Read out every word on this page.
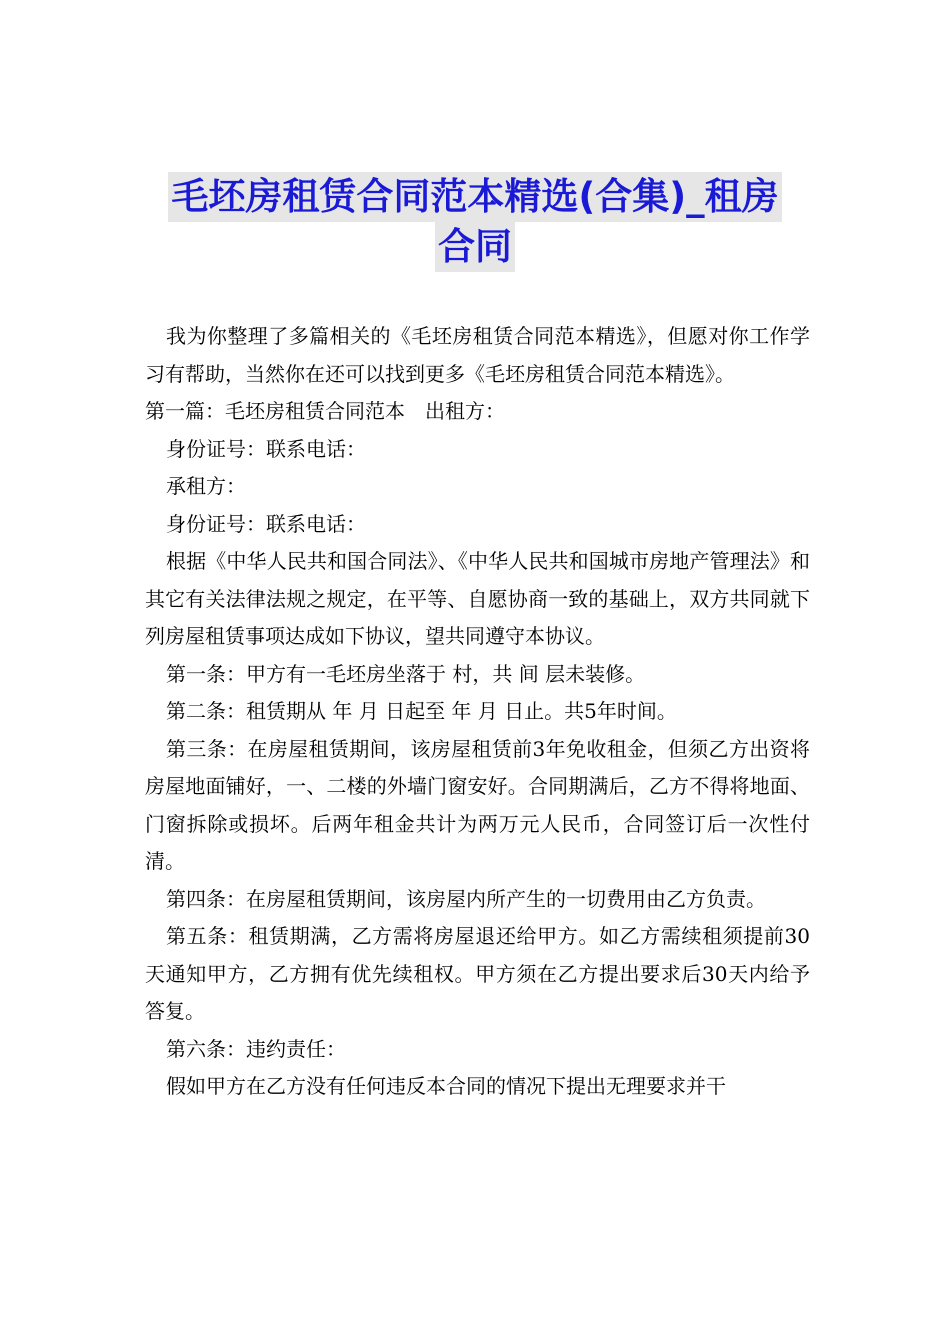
毛坯房租赁合同范本精选(合集)_租房
合同

我为你整理了多篇相关的《毛坯房租赁合同范本精选》，但愿对你工作学习有帮助，当然你在还可以找到更多《毛坯房租赁合同范本精选》。

第一篇：毛坯房租赁合同范本　出租方：

身份证号：联系电话：

承租方：

身份证号：联系电话：

根据《中华人民共和国合同法》、《中华人民共和国城市房地产管理法》和其它有关法律法规之规定，在平等、自愿协商一致的基础上，双方共同就下列房屋租赁事项达成如下协议，望共同遵守本协议。

第一条：甲方有一毛坯房坐落于 村，共 间 层未装修。

第二条：租赁期从 年 月 日起至 年 月 日止。共5年时间。

第三条：在房屋租赁期间，该房屋租赁前3年免收租金，但须乙方出资将房屋地面铺好，一、二楼的外墙门窗安好。合同期满后，乙方不得将地面、门窗拆除或损坏。后两年租金共计为两万元人民币，合同签订后一次性付清。

第四条：在房屋租赁期间，该房屋内所产生的一切费用由乙方负责。

第五条：租赁期满，乙方需将房屋退还给甲方。如乙方需续租须提前30天通知甲方，乙方拥有优先续租权。甲方须在乙方提出要求后30天内给予答复。

第六条：违约责任：

假如甲方在乙方没有任何违反本合同的情况下提出无理要求并干
